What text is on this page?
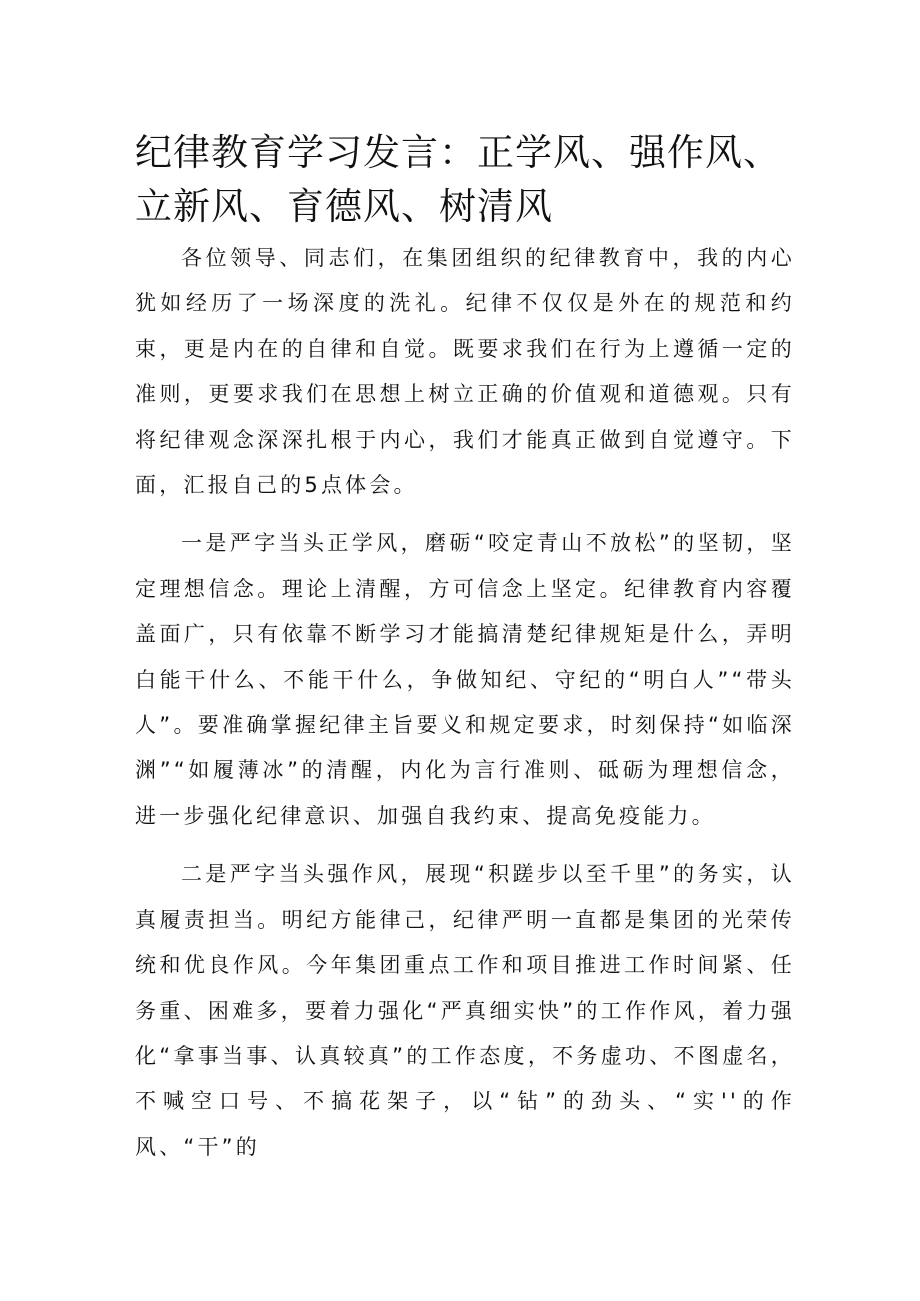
纪律教育学习发言：正学风、强作风、立新风、育德风、树清风

各位领导、同志们，在集团组织的纪律教育中，我的内心犹如经历了一场深度的洗礼。纪律不仅仅是外在的规范和约束，更是内在的自律和自觉。既要求我们在行为上遵循一定的准则，更要求我们在思想上树立正确的价值观和道德观。只有将纪律观念深深扎根于内心，我们才能真正做到自觉遵守。下面，汇报自己的5点体会。

一是严字当头正学风，磨砺“咬定青山不放松”的坚韧，坚定理想信念。理论上清醒，方可信念上坚定。纪律教育内容覆盖面广，只有依靠不断学习才能搞清楚纪律规矩是什么，弄明白能干什么、不能干什么，争做知纪、守纪的“明白人”“带头人”。要准确掌握纪律主旨要义和规定要求，时刻保持“如临深渊”“如履薄冰”的清醒，内化为言行准则、砥砺为理想信念，进一步强化纪律意识、加强自我约束、提高免疫能力。

二是严字当头强作风，展现“积蹉步以至千里”的务实，认真履责担当。明纪方能律己，纪律严明一直都是集团的光荣传统和优良作风。今年集团重点工作和项目推进工作时间紧、任务重、困难多，要着力强化“严真细实快”的工作作风，着力强化“拿事当事、认真较真”的工作态度，不务虚功、不图虚名，不喊空口号、不搞花架子，以“钻”的劲头、“实''的作风、“干”的
